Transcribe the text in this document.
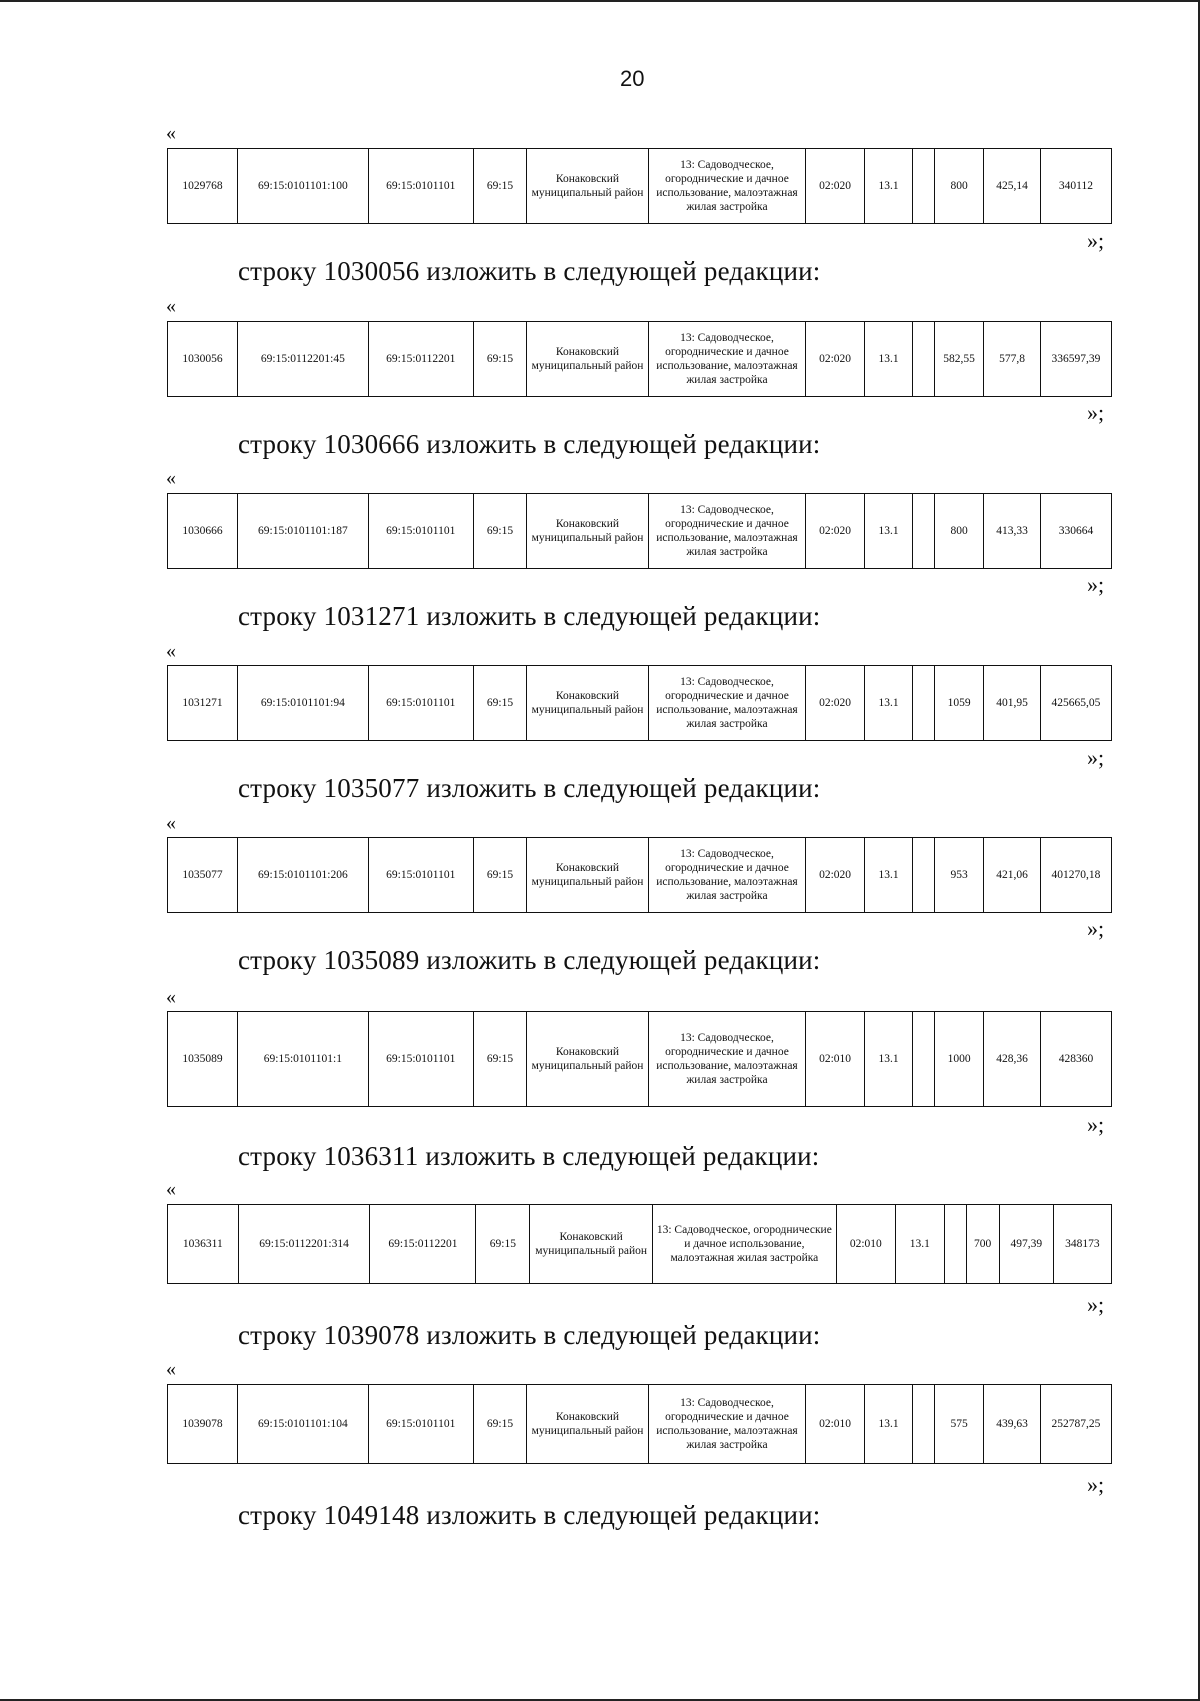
20
«
1029768	69:15:0101101:100	69:15:0101101	69:15	Конаковский муниципальный район	13: Садоводческое, огороднические и дачное использование, малоэтажная жилая застройка	02:020	13.1		800	425,14	340112
»;
строку 1030056 изложить в следующей редакции:
«
1030056	69:15:0112201:45	69:15:0112201	69:15	Конаковский муниципальный район	13: Садоводческое, огороднические и дачное использование, малоэтажная жилая застройка	02:020	13.1		582,55	577,8	336597,39
»;
строку 1030666 изложить в следующей редакции:
«
1030666	69:15:0101101:187	69:15:0101101	69:15	Конаковский муниципальный район	13: Садоводческое, огороднические и дачное использование, малоэтажная жилая застройка	02:020	13.1		800	413,33	330664
»;
строку 1031271 изложить в следующей редакции:
«
1031271	69:15:0101101:94	69:15:0101101	69:15	Конаковский муниципальный район	13: Садоводческое, огороднические и дачное использование, малоэтажная жилая застройка	02:020	13.1		1059	401,95	425665,05
»;
строку 1035077 изложить в следующей редакции:
«
1035077	69:15:0101101:206	69:15:0101101	69:15	Конаковский муниципальный район	13: Садоводческое, огороднические и дачное использование, малоэтажная жилая застройка	02:020	13.1		953	421,06	401270,18
»;
строку 1035089 изложить в следующей редакции:
«
1035089	69:15:0101101:1	69:15:0101101	69:15	Конаковский муниципальный район	13: Садоводческое, огороднические и дачное использование, малоэтажная жилая застройка	02:010	13.1		1000	428,36	428360
»;
строку 1036311 изложить в следующей редакции:
«
1036311	69:15:0112201:314	69:15:0112201	69:15	Конаковский муниципальный район	13: Садоводческое, огороднические и дачное использование, малоэтажная жилая застройка	02:010	13.1		700	497,39	348173
»;
строку 1039078 изложить в следующей редакции:
«
1039078	69:15:0101101:104	69:15:0101101	69:15	Конаковский муниципальный район	13: Садоводческое, огороднические и дачное использование, малоэтажная жилая застройка	02:010	13.1		575	439,63	252787,25
»;
строку 1049148 изложить в следующей редакции:
